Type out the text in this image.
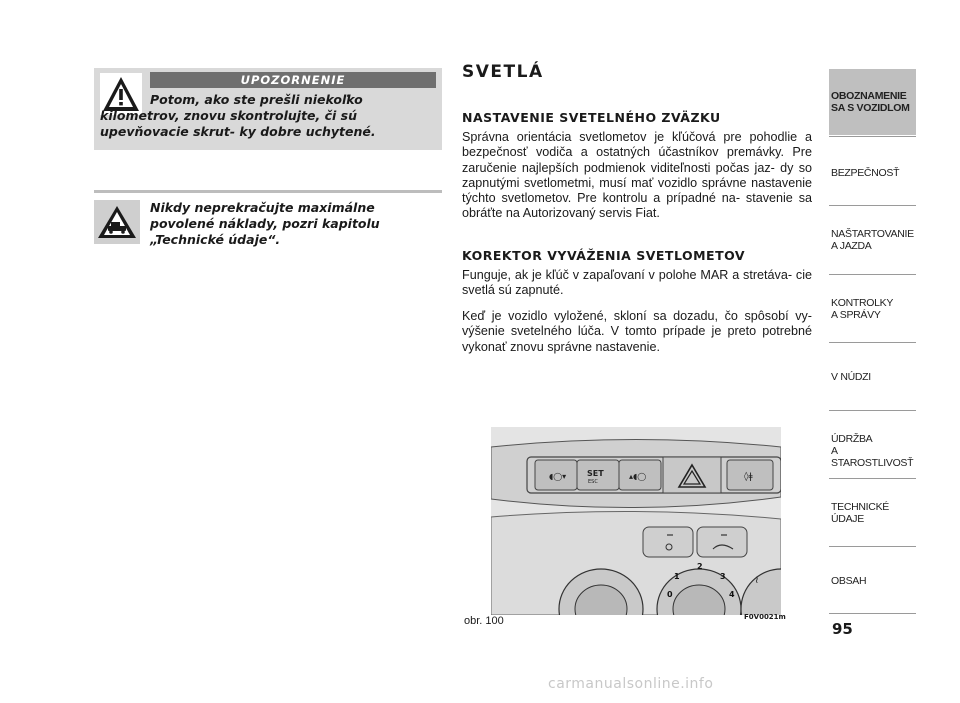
UPOZORNENIE
Potom, ako ste prešli niekoľko kilometrov, znovu skontrolujte, či sú upevňovacie skrut- ky dobre uchytené.
Nikdy neprekračujte maximálne povolené náklady, pozri kapitolu „Technické údaje“.
SVETLÁ
NASTAVENIE SVETELNÉHO ZVÄZKU
Správna orientácia svetlometov je kľúčová pre pohodlie a bezpečnosť vodiča a ostatných účastníkov premávky. Pre zaručenie najlepších podmienok viditeľnosti počas jaz- dy so zapnutými svetlometmi, musí mať vozidlo správne nastavenie týchto svetlometov. Pre kontrolu a prípadné na- stavenie sa obráťte na Autorizovaný servis Fiat.
KOREKTOR VYVÁŽENIA SVETLOMETOV
Funguje, ak je kľúč v zapaľovaní v polohe MAR a stretáva- cie svetlá sú zapnuté.
Keď je vozidlo vyložené, skloní sa dozadu, čo spôsobí vy- výšenie svetelného lúča. V tomto prípade je preto potrebné vykonať znovu správne nastavenie.
◖◯▾	SET
ESC
▴◖◯	◊ǂ
0
1
2
3
4
≀
obr. 100	F0V0021m
OBOZNAMENIE
SA S VOZIDLOM
BEZPEČNOSŤ
NAŠTARTOVANIE
A JAZDA
KONTROLKY
A SPRÁVY
V NÚDZI
ÚDRŽBA
A STAROSTLIVOSŤ
TECHNICKÉ
ÚDAJE
OBSAH
95
carmanualsonline.info
